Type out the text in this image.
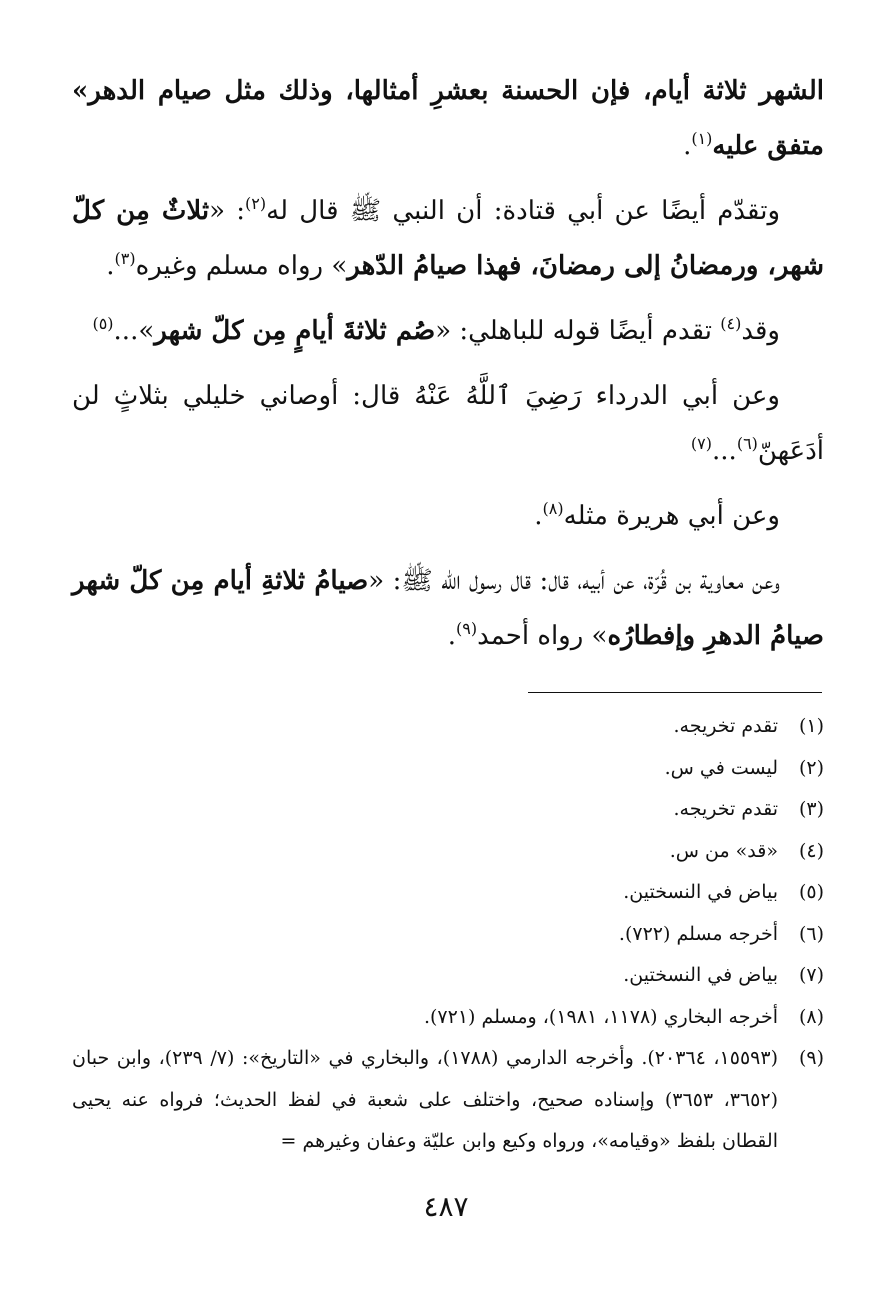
الشهر ثلاثة أيام، فإن الحسنة بعشرِ أمثالها، وذلك مثل صيام الدهر» متفق عليه$^{(١)}$.

وتقدّم أيضًا عن أبي قتادة: أن النبي ﷺ قال له$^{(٢)}$: «ثلاثٌ مِن كلّ شهر، ورمضانُ إلى رمضانَ، فهذا صيامُ الدّهر» رواه مسلم وغيره$^{(٣)}$.

وقد$^{(٤)}$ تقدم أيضًا قوله للباهلي: «صُم ثلاثةَ أيامٍ مِن كلّ شهر»...$^{(٥)}$

وعن أبي الدرداء رَضِيَ ٱللَّهُ عَنْهُ قال: أوصاني خليلي بثلاثٍ لن أدَعَهنّ$^{(٦)}$...$^{(٧)}$

وعن أبي هريرة مثله$^{(٨)}$.

وعن معاوية بن قُرّة، عن أبيه، قال: قال رسول الله ﷺ: «صيامُ ثلاثةِ أيام مِن كلّ شهر صيامُ الدهرِ وإفطارُه» رواه أحمد$^{(٩)}$.

(١)
تقدم تخريجه.
(٢)
ليست في س.
(٣)
تقدم تخريجه.
(٤)
«قد» من س.
(٥)
بياض في النسختين.
(٦)
أخرجه مسلم (٧٢٢).
(٧)
بياض في النسختين.
(٨)
أخرجه البخاري (١١٧٨، ١٩٨١)، ومسلم (٧٢١).
(٩)
(١٥٥٩٣، ٢٠٣٦٤). وأخرجه الدارمي (١٧٨٨)، والبخاري في «التاريخ»: (٧/ ٢٣٩)، وابن حبان (٣٦٥٢، ٣٦٥٣) وإسناده صحيح، واختلف على شعبة في لفظ الحديث؛ فرواه عنه يحيى القطان بلفظ «وقيامه»، ورواه وكيع وابن عليّة وعفان وغيرهم =
٤٨٧
